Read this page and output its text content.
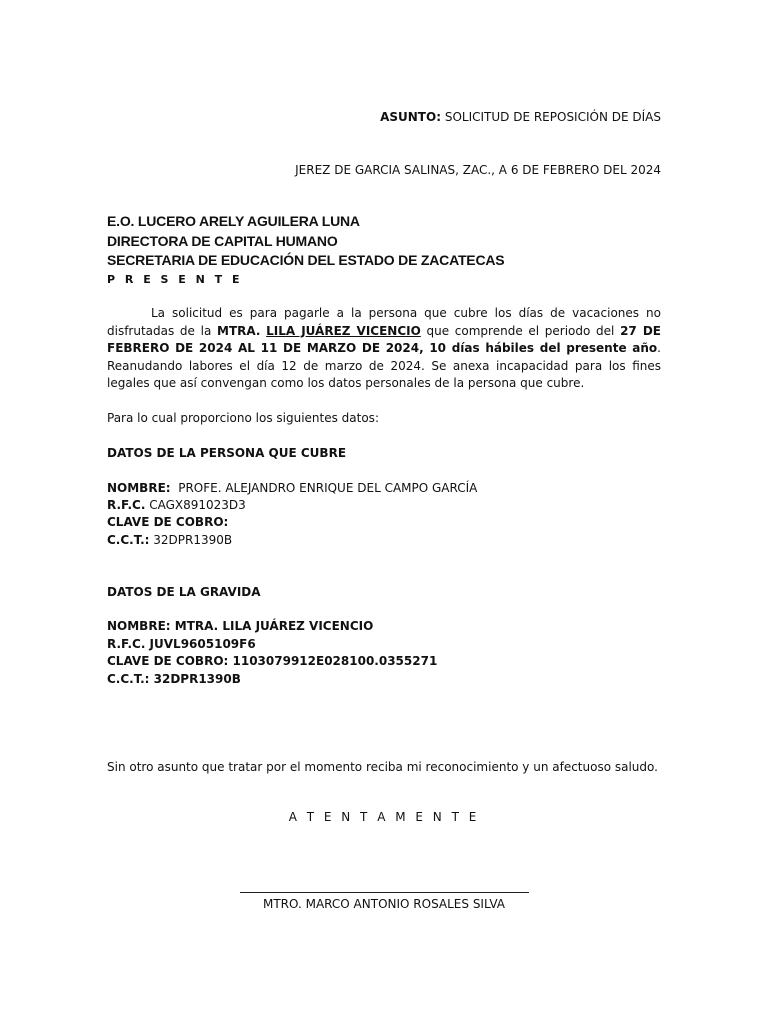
ASUNTO: SOLICITUD DE REPOSICIÓN DE DÍAS
JEREZ DE GARCIA SALINAS, ZAC., A 6 DE FEBRERO DEL 2024
E.O. LUCERO ARELY AGUILERA LUNA
DIRECTORA DE CAPITAL HUMANO
SECRETARIA DE EDUCACIÓN DEL ESTADO DE ZACATECAS
P R E S E N T E
La solicitud es para pagarle a la persona que cubre los días de vacaciones no disfrutadas de la MTRA. LILA JUÁREZ VICENCIO que comprende el periodo del 27 DE FEBRERO DE 2024 AL 11 DE MARZO DE 2024, 10 días hábiles del presente año. Reanudando labores el día 12 de marzo de 2024. Se anexa incapacidad para los fines legales que así convengan como los datos personales de la persona que cubre.
Para lo cual proporciono los siguientes datos:
DATOS DE LA PERSONA QUE CUBRE
NOMBRE: PROFE. ALEJANDRO ENRIQUE DEL CAMPO GARCÍA
R.F.C. CAGX891023D3
CLAVE DE COBRO:
C.C.T.: 32DPR1390B
DATOS DE LA GRAVIDA
NOMBRE: MTRA. LILA JUÁREZ VICENCIO
R.F.C. JUVL9605109F6
CLAVE DE COBRO: 1103079912E028100.0355271
C.C.T.: 32DPR1390B
Sin otro asunto que tratar por el momento reciba mi reconocimiento y un afectuoso saludo.
A T E N T A M E N T E
MTRO. MARCO ANTONIO ROSALES SILVA
